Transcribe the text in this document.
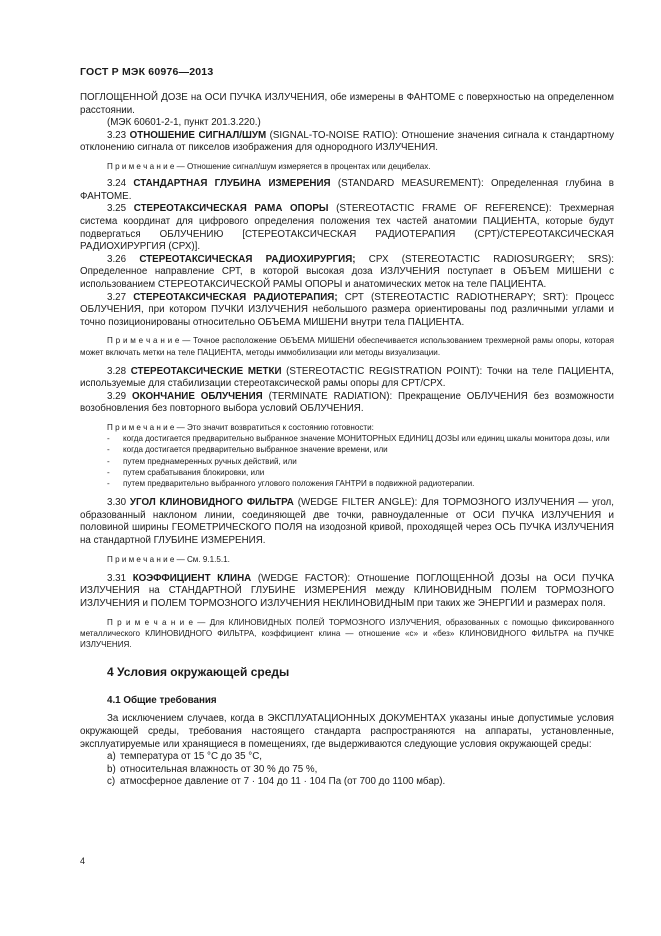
ГОСТ Р МЭК 60976—2013

ПОГЛОЩЕННОЙ ДОЗЕ на ОСИ ПУЧКА ИЗЛУЧЕНИЯ, обе измерены в ФАНТОМЕ с поверхностью на определенном расстоянии.

(МЭК 60601-2-1, пункт 201.3.220.)

3.23 ОТНОШЕНИЕ СИГНАЛ/ШУМ (SIGNAL-TO-NOISE RATIO): Отношение значения сигнала к стандартному отклонению сигнала от пикселов изображения для однородного ИЗЛУЧЕНИЯ.

П р и м е ч а н и е — Отношение сигнал/шум измеряется в процентах или децибелах.

3.24 СТАНДАРТНАЯ ГЛУБИНА ИЗМЕРЕНИЯ (STANDARD MEASUREMENT): Определенная глубина в ФАНТОМЕ.

3.25 СТЕРЕОТАКСИЧЕСКАЯ РАМА ОПОРЫ (STEREOTACTIC FRAME OF REFERENCE): Трехмерная система координат для цифрового определения положения тех частей анатомии ПАЦИЕНТА, которые будут подвергаться ОБЛУЧЕНИЮ [СТЕРЕОТАКСИЧЕСКАЯ РАДИОТЕРАПИЯ (СРТ)/СТЕРЕОТАКСИЧЕСКАЯ РАДИОХИРУРГИЯ (СРХ)].

3.26 СТЕРЕОТАКСИЧЕСКАЯ РАДИОХИРУРГИЯ; СРХ (STEREOTACTIC RADIOSURGERY; SRS): Определенное направление СРТ, в которой высокая доза ИЗЛУЧЕНИЯ поступает в ОБЪЕМ МИШЕНИ с использованием СТЕРЕОТАКСИЧЕСКОЙ РАМЫ ОПОРЫ и анатомических меток на теле ПАЦИЕНТА.

3.27 СТЕРЕОТАКСИЧЕСКАЯ РАДИОТЕРАПИЯ; СРТ (STEREOTACTIC RADIOTHERAPY; SRT): Процесс ОБЛУЧЕНИЯ, при котором ПУЧКИ ИЗЛУЧЕНИЯ небольшого размера ориентированы под различными углами и точно позиционированы относительно ОБЪЕМА МИШЕНИ внутри тела ПАЦИЕНТА.

П р и м е ч а н и е — Точное расположение ОБЪЕМА МИШЕНИ обеспечивается использованием трехмерной рамы опоры, которая может включать метки на теле ПАЦИЕНТА, методы иммобилизации или методы визуализации.

3.28 СТЕРЕОТАКСИЧЕСКИЕ МЕТКИ (STEREOTACTIC REGISTRATION POINT): Точки на теле ПАЦИЕНТА, используемые для стабилизации стереотаксической рамы опоры для СРТ/СРХ.

3.29 ОКОНЧАНИЕ ОБЛУЧЕНИЯ (TERMINATE RADIATION): Прекращение ОБЛУЧЕНИЯ без возможности возобновления без повторного выбора условий ОБЛУЧЕНИЯ.

П р и м е ч а н и е — Это значит возвратиться к состоянию готовности:

- когда достигается предварительно выбранное значение МОНИТОРНЫХ ЕДИНИЦ ДОЗЫ или единиц шкалы монитора дозы, или
- когда достигается предварительно выбранное значение времени, или
- путем преднамеренных ручных действий, или
- путем срабатывания блокировки, или
- путем предварительно выбранного углового положения ГАНТРИ в подвижной радиотерапии.

3.30 УГОЛ КЛИНОВИДНОГО ФИЛЬТРА (WEDGE FILTER ANGLE): Для ТОРМОЗНОГО ИЗЛУЧЕНИЯ — угол, образованный наклоном линии, соединяющей две точки, равноудаленные от ОСИ ПУЧКА ИЗЛУЧЕНИЯ и половиной ширины ГЕОМЕТРИЧЕСКОГО ПОЛЯ на изодозной кривой, проходящей через ОСЬ ПУЧКА ИЗЛУЧЕНИЯ на стандартной ГЛУБИНЕ ИЗМЕРЕНИЯ.

П р и м е ч а н и е — См. 9.1.5.1.

3.31 КОЭФФИЦИЕНТ КЛИНА (WEDGE FACTOR): Отношение ПОГЛОЩЕННОЙ ДОЗЫ на ОСИ ПУЧКА ИЗЛУЧЕНИЯ на СТАНДАРТНОЙ ГЛУБИНЕ ИЗМЕРЕНИЯ между КЛИНОВИДНЫМ ПОЛЕМ ТОРМОЗНОГО ИЗЛУЧЕНИЯ и ПОЛЕМ ТОРМОЗНОГО ИЗЛУЧЕНИЯ НЕКЛИНОВИДНЫМ при таких же ЭНЕРГИИ и размерах поля.

П р и м е ч а н и е — Для КЛИНОВИДНЫХ ПОЛЕЙ ТОРМОЗНОГО ИЗЛУЧЕНИЯ, образованных с помощью фиксированного металлического КЛИНОВИДНОГО ФИЛЬТРА, коэффициент клина — отношение «с» и «без» КЛИНОВИДНОГО ФИЛЬТРА на ПУЧКЕ ИЗЛУЧЕНИЯ.

4 Условия окружающей среды

4.1 Общие требования

За исключением случаев, когда в ЭКСПЛУАТАЦИОННЫХ ДОКУМЕНТАХ указаны иные допустимые условия окружающей среды, требования настоящего стандарта распространяются на аппараты, установленные, эксплуатируемые или хранящиеся в помещениях, где выдерживаются следующие условия окружающей среды:

a) температура от 15 °С до 35 °С,

b) относительная влажность от 30 % до 75 %,

c) атмосферное давление от 7 · 104 до 11 · 104 Па (от 700 до 1100 мбар).

4
